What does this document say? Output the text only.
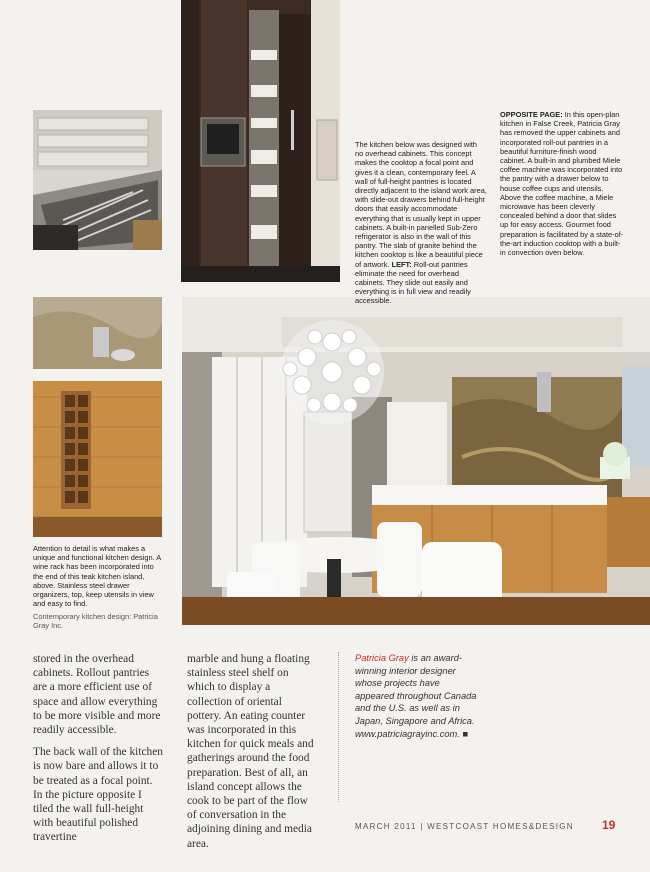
The kitchen below was designed with no overhead cabinets. This concept makes the cooktop a focal point and gives it a clean, contemporary feel. A wall of full-height pantries is located directly adjacent to the island work area, with slide-out drawers behind full-height doors that easily accommodate everything that is usually kept in upper cabinets. A built-in panelled Sub-Zero refrigerator is also in the wall of this pantry. The slab of granite behind the kitchen cooktop is like a beautiful piece of artwork. LEFT: Roll-out pantries eliminate the need for overhead cabinets. They slide out easily and everything is in full view and readily accessible.

OPPOSITE PAGE: In this open-plan kitchen in False Creek, Patricia Gray has removed the upper cabinets and incorporated roll-out pantries in a beautiful furniture-finish wood cabinet. A built-in and plumbed Miele coffee machine was incorporated into the pantry with a drawer below to house coffee cups and utensils. Above the coffee machine, a Miele microwave has been cleverly concealed behind a door that slides up for easy access. Gourmet food preparation is facilitated by a state-of-the-art induction cooktop with a built-in convection oven below.

Attention to detail is what makes a unique and functional kitchen design. A wine rack has been incorporated into the end of this teak kitchen island, above. Stainless steel drawer organizers, top, keep utensils in view and easy to find.

Contemporary kitchen design: Patricia Gray Inc.

stored in the overhead cabinets. Rollout pantries are a more efficient use of space and allow everything to be more visible and more readily accessible.

The back wall of the kitchen is now bare and allows it to be treated as a focal point. In the picture opposite I tiled the wall full-height with beautiful polished travertine

marble and hung a floating stainless steel shelf on which to display a collection of oriental pottery. An eating counter was incorporated in this kitchen for quick meals and gatherings around the food preparation. Best of all, an island concept allows the cook to be part of the flow of conversation in the adjoining dining and media area.

Patricia Gray is an award-winning interior designer whose projects have appeared throughout Canada and the U.S. as well as in Japan, Singapore and Africa. www.patriciagrayinc.com. ■
MARCH 2011 | WESTCOAST HOMES&DESIGN 19
